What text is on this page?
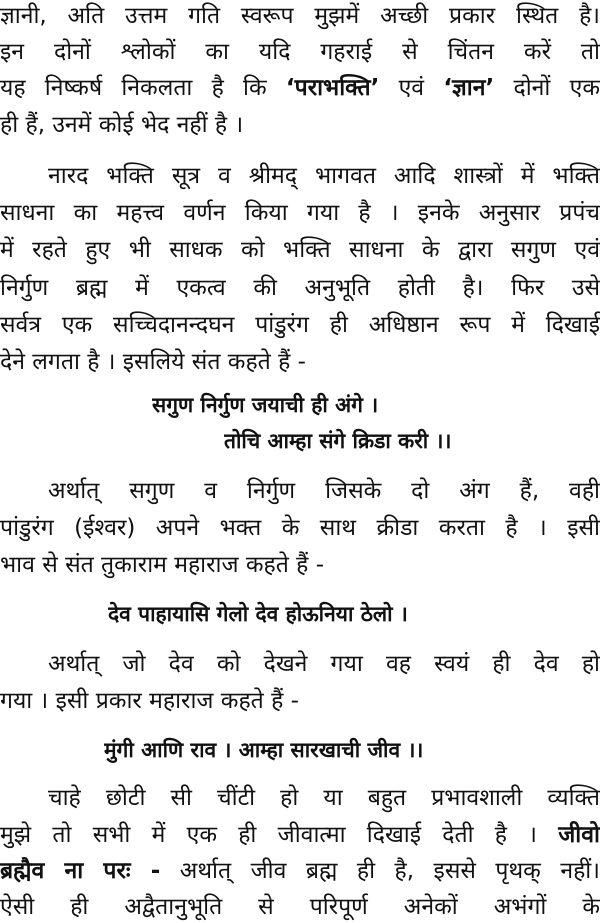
ज्ञानी, अति उत्तम गति स्वरूप मुझमें अच्छी प्रकार स्थित है।
इन दोनों श्लोकों का यदि गहराई से चिंतन करें तो
यह निष्कर्ष निकलता है कि ‘पराभक्ति’ एवं ‘ज्ञान’ दोनों एक
ही हैं, उनमें कोई भेद नहीं है ।
नारद भक्ति सूत्र व श्रीमद् भागवत आदि शास्त्रों में भक्ति
साधना का महत्त्व वर्णन किया गया है । इनके अनुसार प्रपंच
में रहते हुए भी साधक को भक्ति साधना के द्वारा सगुण एवं
निर्गुण ब्रह्म में एकत्व की अनुभूति होती है। फिर उसे
सर्वत्र एक सच्चिदानन्दघन पांडुरंग ही अधिष्ठान रूप में दिखाई
देने लगता है । इसलिये संत कहते हैं -
सगुण निर्गुण जयाची ही अंगे ।
तोचि आम्हा संगे क्रिडा करी ।।
अर्थात् सगुण व निर्गुण जिसके दो अंग हैं, वही
पांडुरंग (ईश्वर) अपने भक्त के साथ क्रीडा करता है । इसी
भाव से संत तुकाराम महाराज कहते हैं -
देव पाहायासि गेलो देव होऊनिया ठेलो ।
अर्थात् जो देव को देखने गया वह स्वयं ही देव हो
गया । इसी प्रकार महाराज कहते हैं -
मुंगी आणि राव । आम्हा सारखाची जीव ।।
चाहे छोटी सी चींटी हो या बहुत प्रभावशाली व्यक्ति
मुझे तो सभी में एक ही जीवात्मा दिखाई देती है । जीवो
ब्रह्मैव ना परः - अर्थात् जीव ब्रह्म ही है, इससे पृथक् नहीं।
ऐसी ही अद्वैतानुभूति से परिपूर्ण अनेकों अभंगों के
